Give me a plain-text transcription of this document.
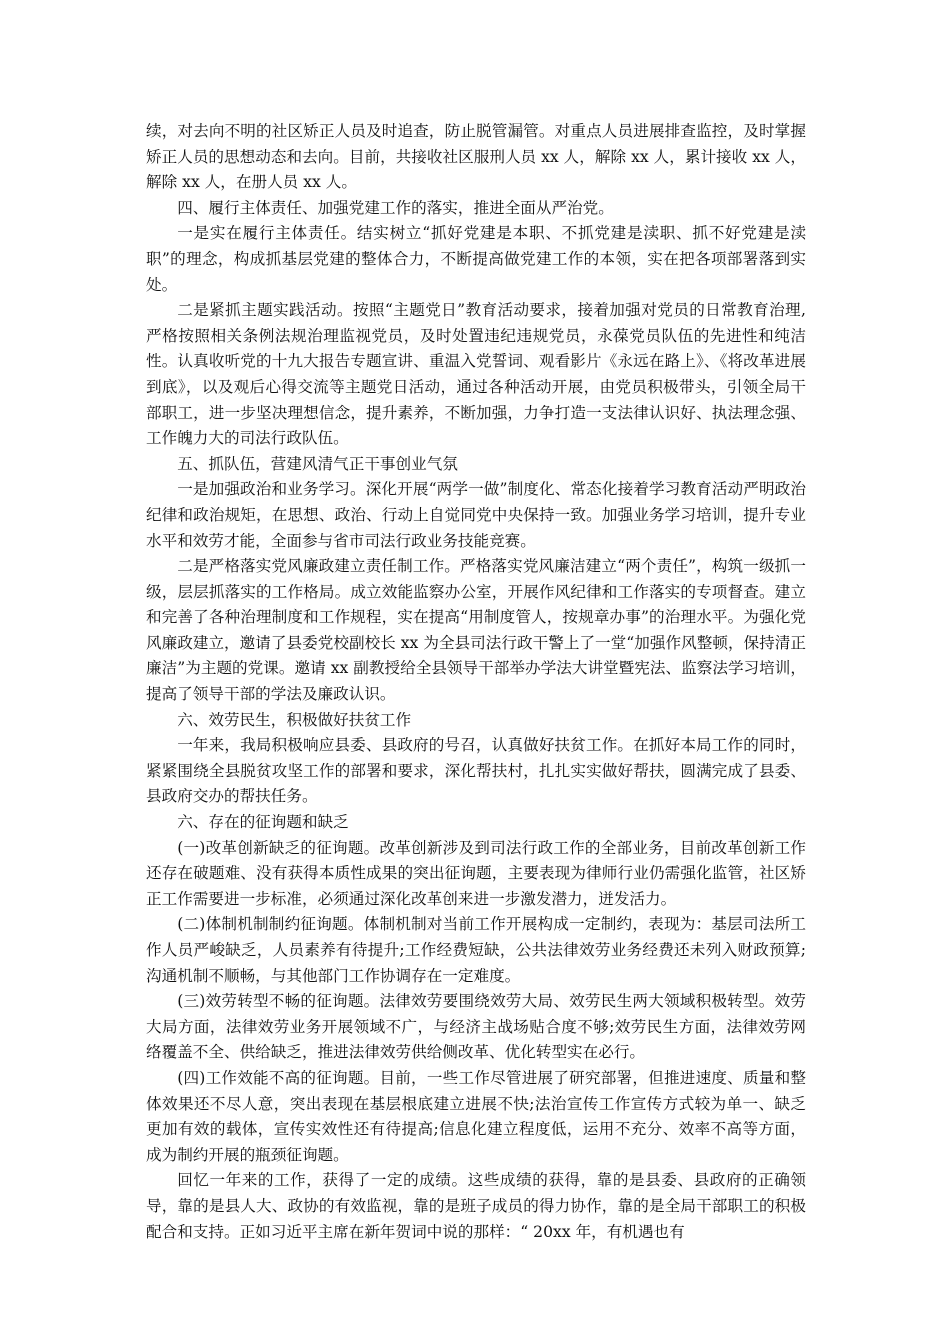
续，对去向不明的社区矫正人员及时追查，防止脱管漏管。对重点人员进展排查监控，及时掌握矫正人员的思想动态和去向。目前，共接收社区服刑人员 xx 人，解除 xx 人，累计接收 xx 人，解除 xx 人，在册人员 xx 人。

四、履行主体责任、加强党建工作的落实，推进全面从严治党。

一是实在履行主体责任。结实树立“抓好党建是本职、不抓党建是渎职、抓不好党建是渎职”的理念，构成抓基层党建的整体合力，不断提高做党建工作的本领，实在把各项部署落到实处。

二是紧抓主题实践活动。按照“主题党日”教育活动要求，接着加强对党员的日常教育治理,严格按照相关条例法规治理监视党员，及时处置违纪违规党员，永葆党员队伍的先进性和纯洁性。认真收听党的十九大报告专题宣讲、重温入党誓词、观看影片《永远在路上》、《将改革进展到底》，以及观后心得交流等主题党日活动，通过各种活动开展，由党员积极带头，引领全局干部职工，进一步坚决理想信念，提升素养，不断加强，力争打造一支法律认识好、执法理念强、工作魄力大的司法行政队伍。

五、抓队伍，营建风清气正干事创业气氛

一是加强政治和业务学习。深化开展“两学一做”制度化、常态化接着学习教育活动严明政治纪律和政治规矩，在思想、政治、行动上自觉同党中央保持一致。加强业务学习培训，提升专业水平和效劳才能，全面参与省市司法行政业务技能竞赛。

二是严格落实党风廉政建立责任制工作。严格落实党风廉洁建立“两个责任”，构筑一级抓一级，层层抓落实的工作格局。成立效能监察办公室，开展作风纪律和工作落实的专项督查。建立和完善了各种治理制度和工作规程，实在提高“用制度管人，按规章办事”的治理水平。为强化党风廉政建立，邀请了县委党校副校长 xx 为全县司法行政干警上了一堂“加强作风整顿，保持清正廉洁”为主题的党课。邀请 xx 副教授给全县领导干部举办学法大讲堂暨宪法、监察法学习培训，提高了领导干部的学法及廉政认识。

六、效劳民生，积极做好扶贫工作

一年来，我局积极响应县委、县政府的号召，认真做好扶贫工作。在抓好本局工作的同时，紧紧围绕全县脱贫攻坚工作的部署和要求，深化帮扶村，扎扎实实做好帮扶，圆满完成了县委、县政府交办的帮扶任务。

六、存在的征询题和缺乏

(一)改革创新缺乏的征询题。改革创新涉及到司法行政工作的全部业务，目前改革创新工作还存在破题难、没有获得本质性成果的突出征询题，主要表现为律师行业仍需强化监管，社区矫正工作需要进一步标准，必须通过深化改革创来进一步激发潜力，迸发活力。

(二)体制机制制约征询题。体制机制对当前工作开展构成一定制约，表现为：基层司法所工作人员严峻缺乏，人员素养有待提升;工作经费短缺，公共法律效劳业务经费还未列入财政预算;沟通机制不顺畅，与其他部门工作协调存在一定难度。

(三)效劳转型不畅的征询题。法律效劳要围绕效劳大局、效劳民生两大领域积极转型。效劳大局方面，法律效劳业务开展领域不广，与经济主战场贴合度不够;效劳民生方面，法律效劳网络覆盖不全、供给缺乏，推进法律效劳供给侧改革、优化转型实在必行。

(四)工作效能不高的征询题。目前，一些工作尽管进展了研究部署，但推进速度、质量和整体效果还不尽人意，突出表现在基层根底建立进展不快;法治宣传工作宣传方式较为单一、缺乏更加有效的载体，宣传实效性还有待提高;信息化建立程度低，运用不充分、效率不高等方面，成为制约开展的瓶颈征询题。

回忆一年来的工作，获得了一定的成绩。这些成绩的获得，靠的是县委、县政府的正确领导，靠的是县人大、政协的有效监视，靠的是班子成员的得力协作，靠的是全局干部职工的积极配合和支持。正如习近平主席在新年贺词中说的那样：“ 20xx 年，有机遇也有
